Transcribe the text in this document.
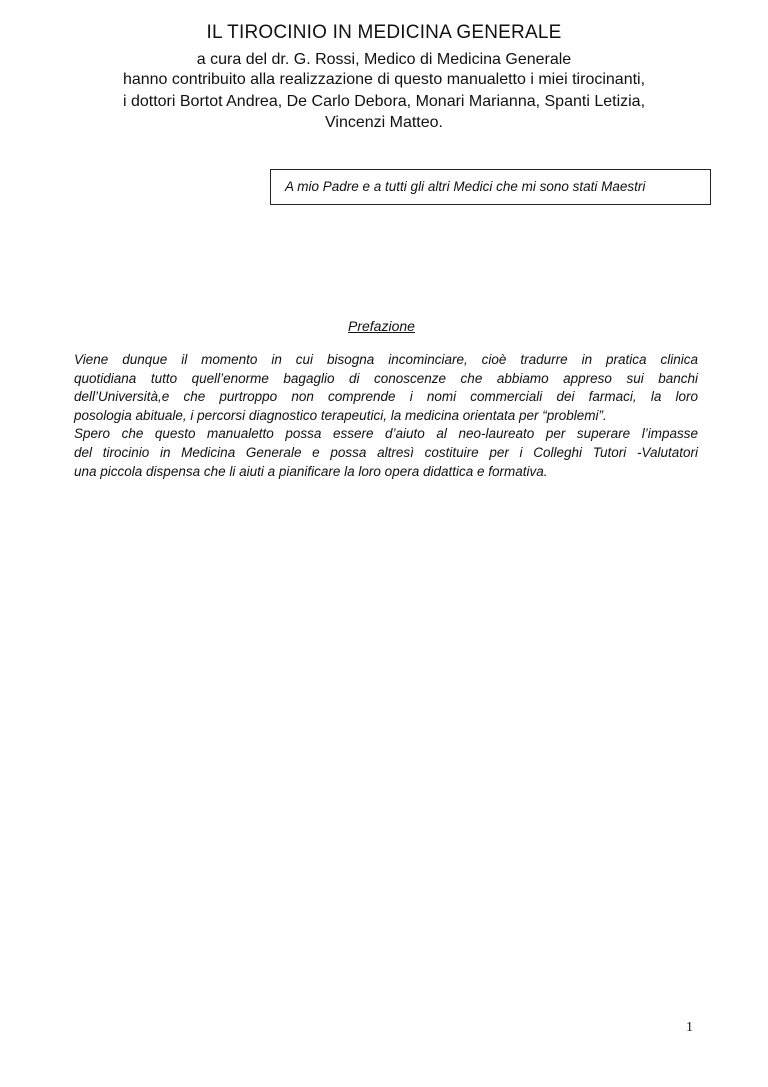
IL TIROCINIO IN MEDICINA GENERALE
a cura del dr. G. Rossi, Medico di Medicina Generale
hanno contribuito alla realizzazione di questo manualetto i miei tirocinanti,
i dottori Bortot Andrea, De Carlo Debora, Monari Marianna, Spanti Letizia,
Vincenzi Matteo.
A mio Padre e a tutti gli altri Medici che mi sono stati Maestri
Prefazione
Viene dunque il momento in cui bisogna incominciare, cioè tradurre in pratica clinica
quotidiana tutto quell’enorme bagaglio di conoscenze che abbiamo appreso sui banchi
dell’Università,e che purtroppo non comprende i nomi commerciali dei farmaci, la loro
posologia abituale, i percorsi diagnostico terapeutici, la medicina orientata per “problemi”.
Spero che questo manualetto possa essere d’aiuto al neo-laureato per superare l’impasse
del tirocinio in Medicina Generale e possa altresì costituire per i Colleghi Tutori -Valutatori
una piccola dispensa che li aiuti a pianificare la loro opera didattica e formativa.
1
